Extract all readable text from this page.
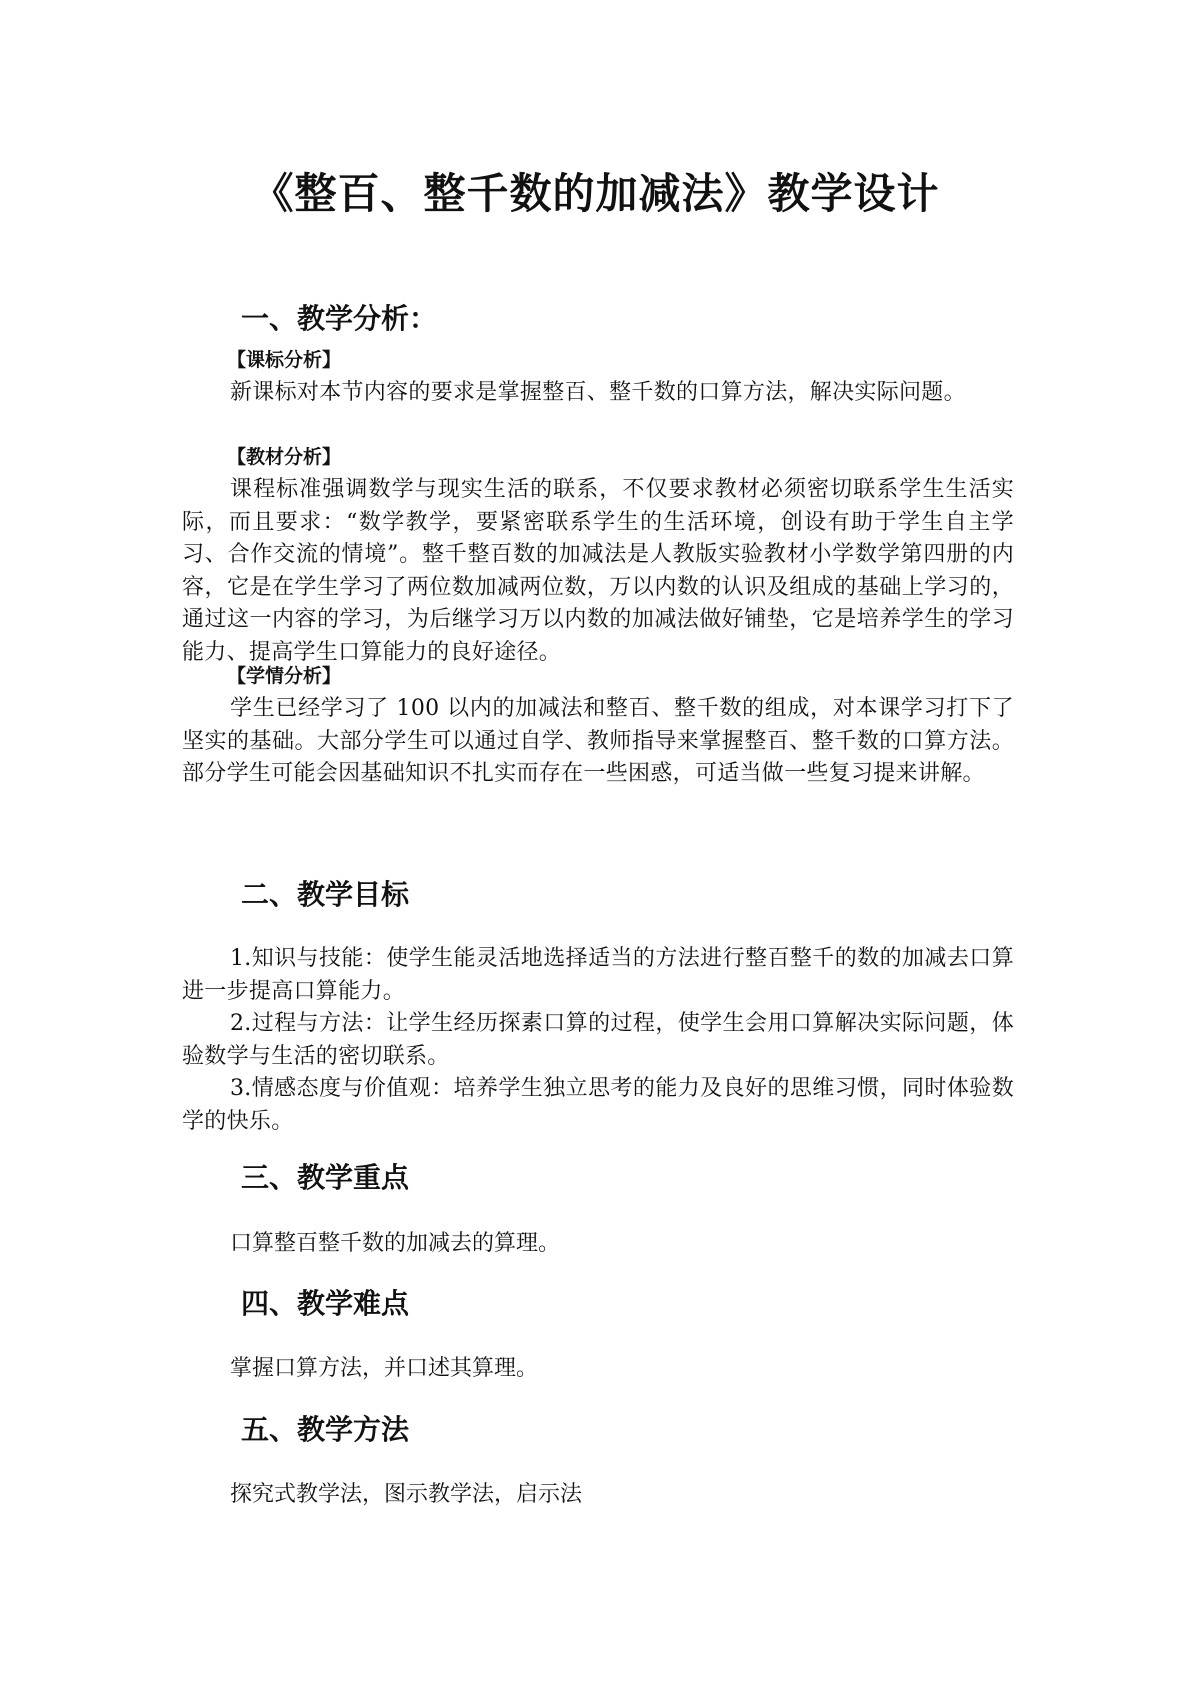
《整百、整千数的加减法》教学设计
一、教学分析：
【课标分析】
新课标对本节内容的要求是掌握整百、整千数的口算方法，解决实际问题。
【教材分析】
课程标准强调数学与现实生活的联系，不仅要求教材必须密切联系学生生活实际，而且要求：“数学教学，要紧密联系学生的生活环境，创设有助于学生自主学习、合作交流的情境”。整千整百数的加减法是人教版实验教材小学数学第四册的内容，它是在学生学习了两位数加减两位数，万以内数的认识及组成的基础上学习的，通过这一内容的学习，为后继学习万以内数的加减法做好铺垫，它是培养学生的学习能力、提高学生口算能力的良好途径。
【学情分析】
学生已经学习了 100 以内的加减法和整百、整千数的组成，对本课学习打下了坚实的基础。大部分学生可以通过自学、教师指导来掌握整百、整千数的口算方法。部分学生可能会因基础知识不扎实而存在一些困惑，可适当做一些复习提来讲解。
二、教学目标
1.知识与技能：使学生能灵活地选择适当的方法进行整百整千的数的加减去口算进一步提高口算能力。
2.过程与方法：让学生经历探素口算的过程，使学生会用口算解决实际问题，体验数学与生活的密切联系。
3.情感态度与价值观：培养学生独立思考的能力及良好的思维习惯，同时体验数学的快乐。
三、教学重点
口算整百整千数的加减去的算理。
四、教学难点
掌握口算方法，并口述其算理。
五、教学方法
探究式教学法，图示教学法，启示法
